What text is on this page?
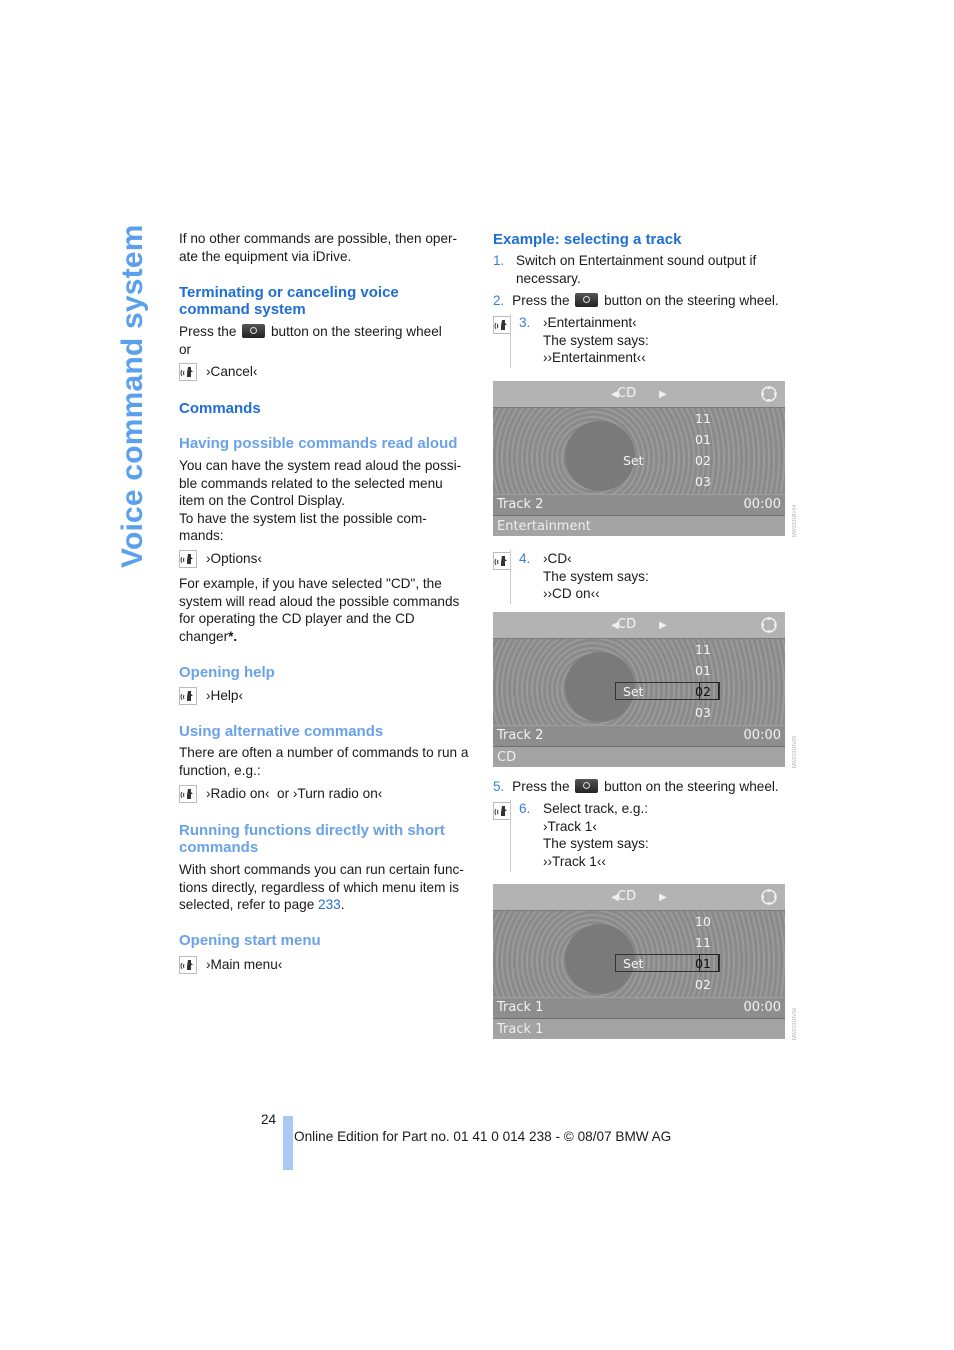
Voice command system If no other commands are possible, then oper-
ate the equipment via iDrive.
Terminating or canceling voice
command system
Press the	button on the steering wheel
or
›Cancel‹
Commands
Having possible commands read aloud
You can have the system read aloud the possi-
ble commands related to the selected menu
item on the Control Display.
To have the system list the possible com-
mands:
›Options‹
For example, if you have selected "CD", the
system will read aloud the possible commands
for operating the CD player and the CD
changer*.
Opening help
›Help‹
Using alternative commands
There are often a number of commands to run a
function, e.g.:
›Radio on‹  or ›Turn radio on‹
Running functions directly with short
commands
With short commands you can run certain func-
tions directly, regardless of which menu item is
selected, refer to page 233.
Opening start menu
›Main menu‹
Example: selecting a track
1. Switch on Entertainment sound output if
necessary.
2. Press the	button on the steering wheel.
3. ›Entertainment‹
The system says:
››Entertainment‹‹
◀
CD ▶
11
01
Set	02
03
Track 2	00:00
Entertainment	MW2331BV04
4. ›CD‹
The system says:
››CD on‹‹
◀
CD ▶
11
01
Set	02
03
Track 2	00:00
CD	MW2331BV05
5. Press the	button on the steering wheel.
6. Select track, e.g.:
›Track 1‹
The system says:
››Track 1‹‹
◀
CD ▶
10
11
Set	01
02
Track 1	00:00
Track 1	MW2331BV06
24
Online Edition for Part no. 01 41 0 014 238 - © 08/07 BMW AG
